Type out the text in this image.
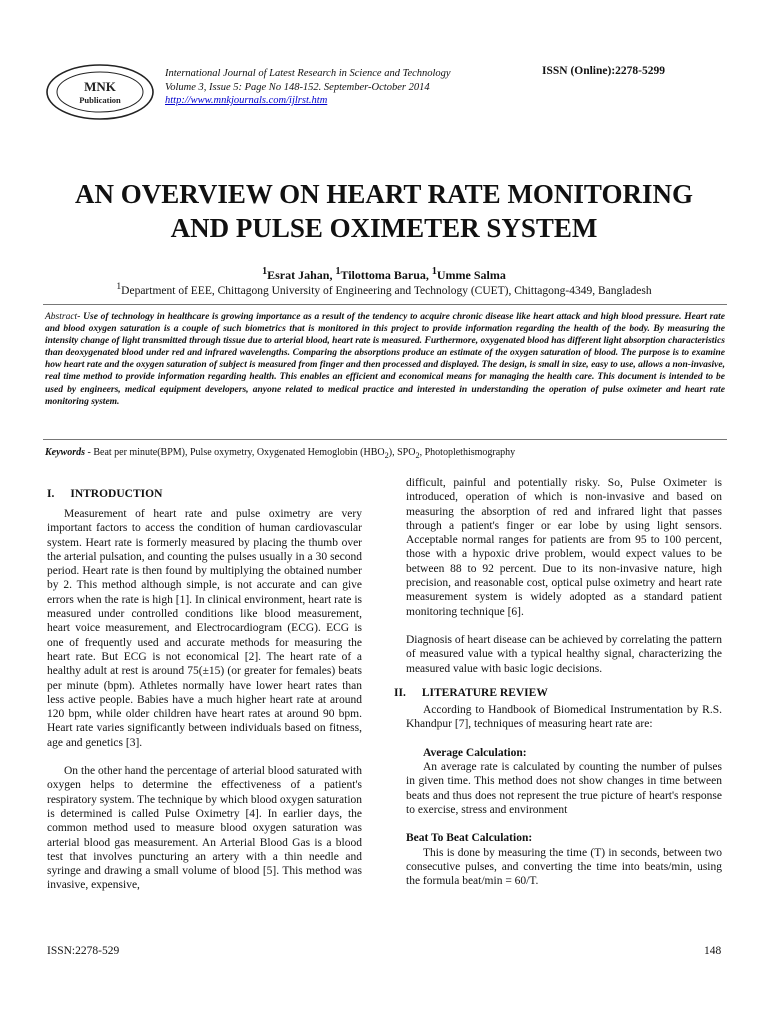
MNK
Publication
International Journal of Latest Research in Science and Technology
Volume 3, Issue 5: Page No 148-152. September-October 2014
http://www.mnkjournals.com/ijlrst.htm
ISSN (Online):2278-5299
AN OVERVIEW ON HEART RATE MONITORING
AND PULSE OXIMETER SYSTEM
$^1$Esrat Jahan, $^1$Tilottoma Barua, $^1$Umme Salma
$^1$Department of EEE, Chittagong University of Engineering and Technology (CUET), Chittagong-4349, Bangladesh
Abstract- Use of technology in healthcare is growing importance as a result of the tendency to acquire chronic disease like heart attack and high blood pressure. Heart rate and blood oxygen saturation is a couple of such biometrics that is monitored in this project to provide information regarding the health of the body. By measuring the intensity change of light transmitted through tissue due to arterial blood, heart rate is measured. Furthermore, oxygenated blood has different light absorption characteristics than deoxygenated blood under red and infrared wavelengths. Comparing the absorptions produce an estimate of the oxygen saturation of blood. The purpose is to examine how heart rate and the oxygen saturation of subject is measured from finger and then processed and displayed. The design, is small in size, easy to use, allows a non-invasive, real time method to provide information regarding health. This enables an efficient and economical means for managing the health care. This document is intended to be used by engineers, medical equipment developers, anyone related to medical practice and interested in understanding the operation of pulse oximeter and heart rate monitoring system.
Keywords - Beat per minute(BPM), Pulse oxymetry, Oxygenated Hemoglobin $(HBO_2)$, $SPO_2$, Photoplethismography
I. INTRODUCTION

Measurement of heart rate and pulse oximetry are very important factors to access the condition of human cardiovascular system. Heart rate is formerly measured by placing the thumb over the arterial pulsation, and counting the pulses usually in a 30 second period. Heart rate is then found by multiplying the obtained number by 2. This method although simple, is not accurate and can give errors when the rate is high [1]. In clinical environment, heart rate is measured under controlled conditions like blood measurement, heart voice measurement, and Electrocardiogram (ECG). ECG is one of frequently used and accurate methods for measuring the heart rate. But ECG is not economical [2]. The heart rate of a healthy adult at rest is around 75(±15) (or greater for females) beats per minute (bpm). Athletes normally have lower heart rates than less active people. Babies have a much higher heart rate at around 120 bpm, while older children have heart rates at around 90 bpm. Heart rate varies significantly between individuals based on fitness, age and genetics [3].

On the other hand the percentage of arterial blood saturated with oxygen helps to determine the effectiveness of a patient's respiratory system. The technique by which blood oxygen saturation is determined is called Pulse Oximetry [4]. In earlier days, the common method used to measure blood oxygen saturation was arterial blood gas measurement. An Arterial Blood Gas is a blood test that involves puncturing an artery with a thin needle and syringe and drawing a small volume of blood [5]. This method was invasive, expensive,

difficult, painful and potentially risky. So, Pulse Oximeter is introduced, operation of which is non-invasive and based on measuring the absorption of red and infrared light that passes through a patient's finger or ear lobe by using light sensors. Acceptable normal ranges for patients are from 95 to 100 percent, those with a hypoxic drive problem, would expect values to be between 88 to 92 percent. Due to its non-invasive nature, high precision, and reasonable cost, optical pulse oximetry and heart rate measurement system is widely adopted as a standard patient monitoring technique [6].

Diagnosis of heart disease can be achieved by correlating the pattern of measured value with a typical healthy signal, characterizing the measured value with basic logic decisions.

II. LITERATURE REVIEW

According to Handbook of Biomedical Instrumentation by R.S. Khandpur [7], techniques of measuring heart rate are:

Average Calculation:

An average rate is calculated by counting the number of pulses in given time. This method does not show changes in time between beats and thus does not represent the true picture of heart's response to exercise, stress and environment

Beat To Beat Calculation:

This is done by measuring the time (T) in seconds, between two consecutive pulses, and converting the time into beats/min, using the formula beat/min = 60/T.

ISSN:2278-529	148
